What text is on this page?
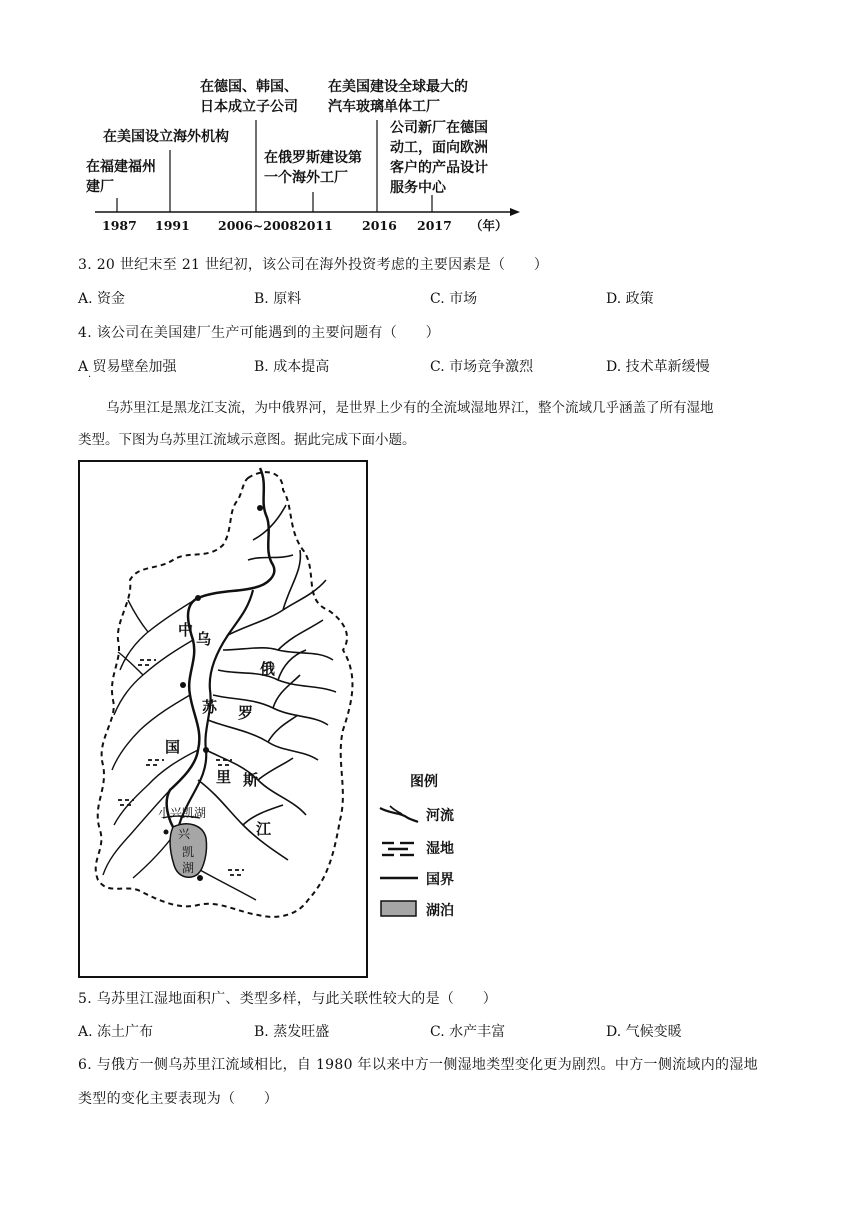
在福建福州
建厂
在美国设立海外机构
在德国、韩国、
日本成立子公司
在俄罗斯建设第
一个海外工厂
在美国建设全球最大的
汽车玻璃单体工厂
公司新厂在德国
动工，面向欧洲
客户的产品设计
服务中心
1987 1991 2006~2008 2011 2016 2017 （年）
3. 20 世纪末至 21 世纪初，该公司在海外投资考虑的主要因素是（　　）
A. 资金	B. 原料	C. 市场	D. 政策
4. 该公司在美国建厂生产可能遇到的主要问题有（　　）
A 贸易壁垒加强
·
B. 成本提高	C. 市场竞争激烈	D. 技术革新缓慢
乌苏里江是黑龙江支流，为中俄界河，是世界上少有的全流域湿地界江，整个流域几乎涵盖了所有湿地
类型。下图为乌苏里江流域示意图。据此完成下面小题。
中 乌
俄
苏 罗
国
里 斯
江
小兴凯湖
兴
凯
湖
图例
河流
湿地
国界
湖泊
5. 乌苏里江湿地面积广、类型多样，与此关联性较大的是（　　）
A. 冻土广布	B. 蒸发旺盛	C. 水产丰富	D. 气候变暖
6. 与俄方一侧乌苏里江流域相比，自 1980 年以来中方一侧湿地类型变化更为剧烈。中方一侧流域内的湿地
类型的变化主要表现为（　　）
